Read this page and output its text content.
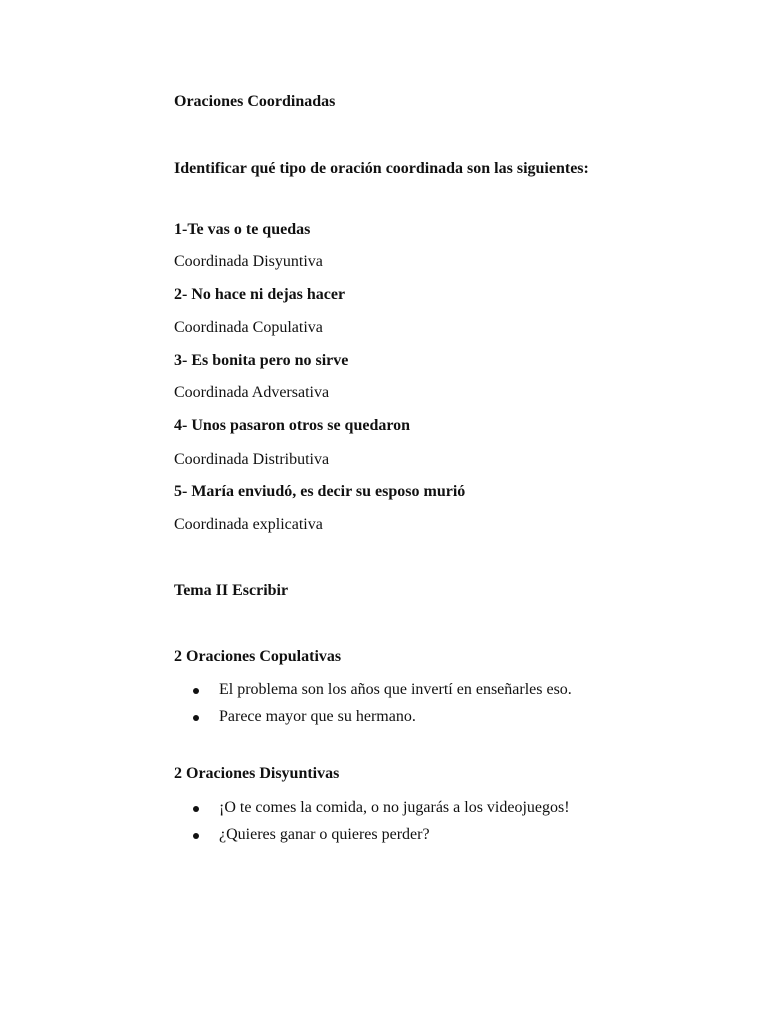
Oraciones Coordinadas
Identificar qué tipo de oración coordinada son las siguientes:
1-Te vas o te quedas
Coordinada Disyuntiva
2- No hace ni dejas hacer
Coordinada Copulativa
3- Es bonita pero no sirve
Coordinada Adversativa
4- Unos pasaron otros se quedaron
Coordinada Distributiva
5- María enviudó, es decir su esposo murió
Coordinada explicativa
Tema II Escribir
2 Oraciones Copulativas
El problema son los años que invertí en enseñarles eso.
Parece mayor que su hermano.
2 Oraciones Disyuntivas
¡O te comes la comida, o no jugarás a los videojuegos!
¿Quieres ganar o quieres perder?
